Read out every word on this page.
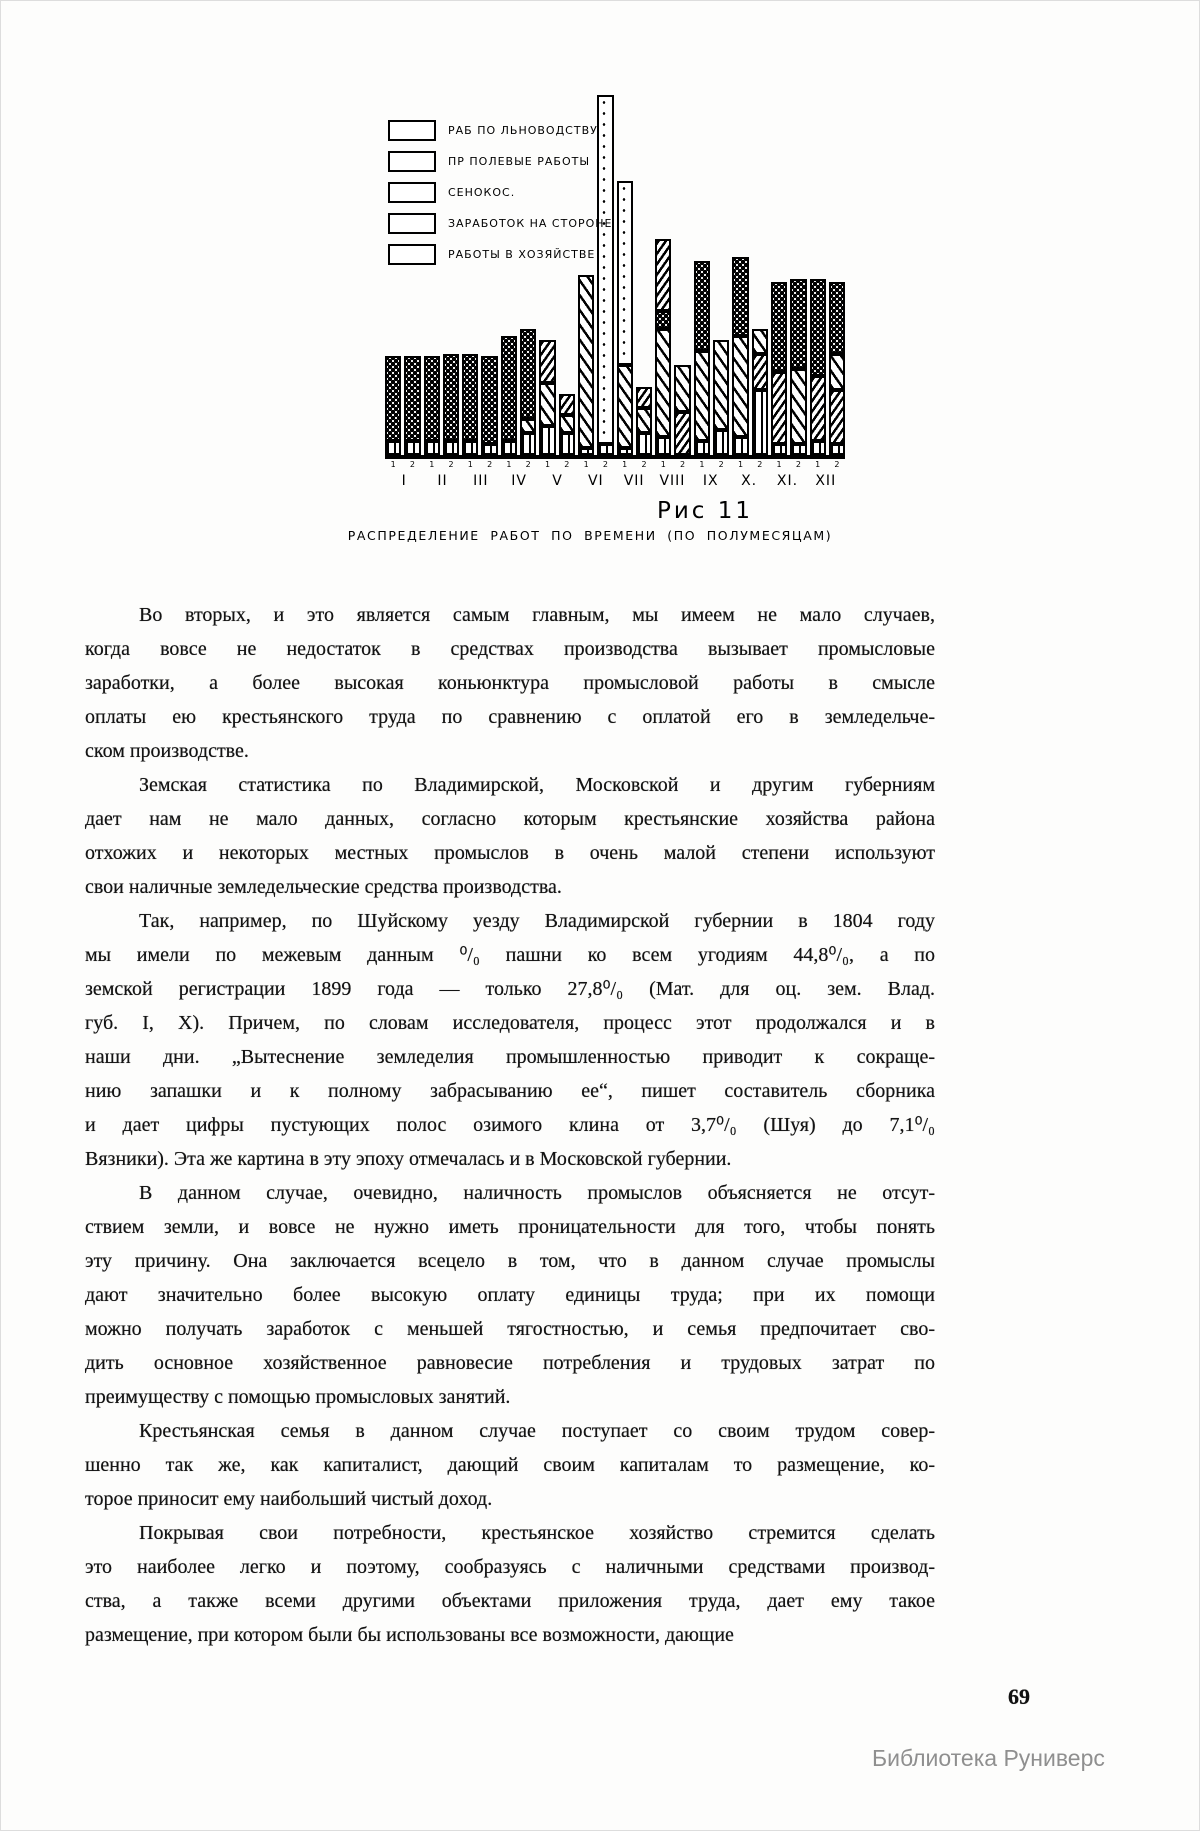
РАБ ПО ЛЬНОВОДСТВУ
ПР ПОЛЕВЫЕ РАБОТЫ
СЕНОКОС.
ЗАРАБОТОК НА СТОРОНЕ
РАБОТЫ В ХОЗЯЙСТВЕ
1	2	1	2	1	2	1	2	1	2	1	2	1	2	1	2	1	2	1	2	1	2	1	2
I	II	III	IV	V	VI	VII	VIII	IX	X.	XI.	XII
Рис 11
РАСПРЕДЕЛЕНИЕ РАБОТ ПО ВРЕМЕНИ (ПО ПОЛУМЕСЯЦАМ)
Во вторых, и это является самым главным, мы имеем не мало случаев,
когда вовсе не недостаток в средствах производства вызывает промысловые
заработки, а более высокая коньюнктура промысловой работы в смысле
оплаты ею крестьянского труда по сравнению с оплатой его в земледельче-
ском производстве.
Земская статистика по Владимирской, Московской и другим губерниям
дает нам не мало данных, согласно которым крестьянские хозяйства района
отхожих и некоторых местных промыслов в очень малой степени используют
свои наличные земледельческие средства производства.
Так, например, по Шуйскому уезду Владимирской губернии в 1804 году
мы имели по межевым данным ⁰/₀ пашни ко всем угодиям 44,8⁰/₀, а по
земской регистрации 1899 года — только 27,8⁰/₀ (Мат. для оц. зем. Влад.
губ. I, X). Причем, по словам исследователя, процесс этот продолжался и в
наши дни. „Вытеснение земледелия промышленностью приводит к сокраще-
нию запашки и к полному забрасыванию ее“, пишет составитель сборника
и дает цифры пустующих полос озимого клина от 3,7⁰/₀ (Шуя) до 7,1⁰/₀
Вязники). Эта же картина в эту эпоху отмечалась и в Московской губернии.
В данном случае, очевидно, наличность промыслов объясняется не отсут-
ствием земли, и вовсе не нужно иметь проницательности для того, чтобы понять
эту причину. Она заключается всецело в том, что в данном случае промыслы
дают значительно более высокую оплату единицы труда; при их помощи
можно получать заработок с меньшей тягостностью, и семья предпочитает сво-
дить основное хозяйственное равновесие потребления и трудовых затрат по
преимуществу с помощью промысловых занятий.
Крестьянская семья в данном случае поступает со своим трудом совер-
шенно так же, как капиталист, дающий своим капиталам то размещение, ко-
торое приносит ему наибольший чистый доход.
Покрывая свои потребности, крестьянское хозяйство стремится сделать
это наиболее легко и поэтому, сообразуясь с наличными средствами производ-
ства, а также всеми другими объектами приложения труда, дает ему такое
размещение, при котором были бы использованы все возможности, дающие
69
Библиотека Руниверс
